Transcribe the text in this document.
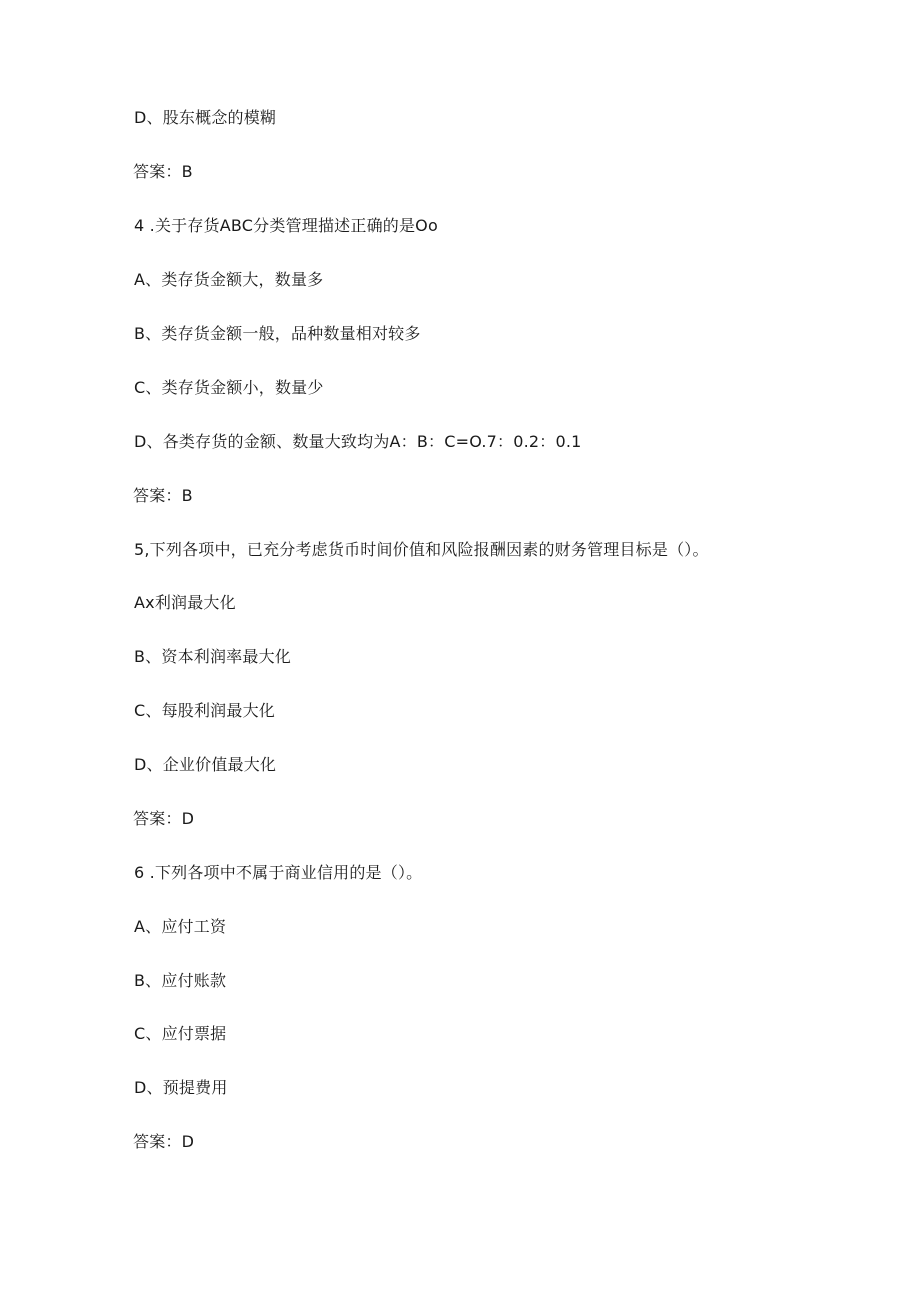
D、股东概念的模糊
答案：B
4 .关于存货ABC分类管理描述正确的是Oo
A、类存货金额大，数量多
B、类存货金额一般，品种数量相对较多
C、类存货金额小，数量少
D、各类存货的金额、数量大致均为A：B：C=O.7：0.2：0.1
答案：B
5,下列各项中，已充分考虑货币时间价值和风险报酬因素的财务管理目标是（）。
Ax利润最大化
B、资本利润率最大化
C、每股利润最大化
D、企业价值最大化
答案：D
6 .下列各项中不属于商业信用的是（）。
A、应付工资
B、应付账款
C、应付票据
D、预提费用
答案：D
